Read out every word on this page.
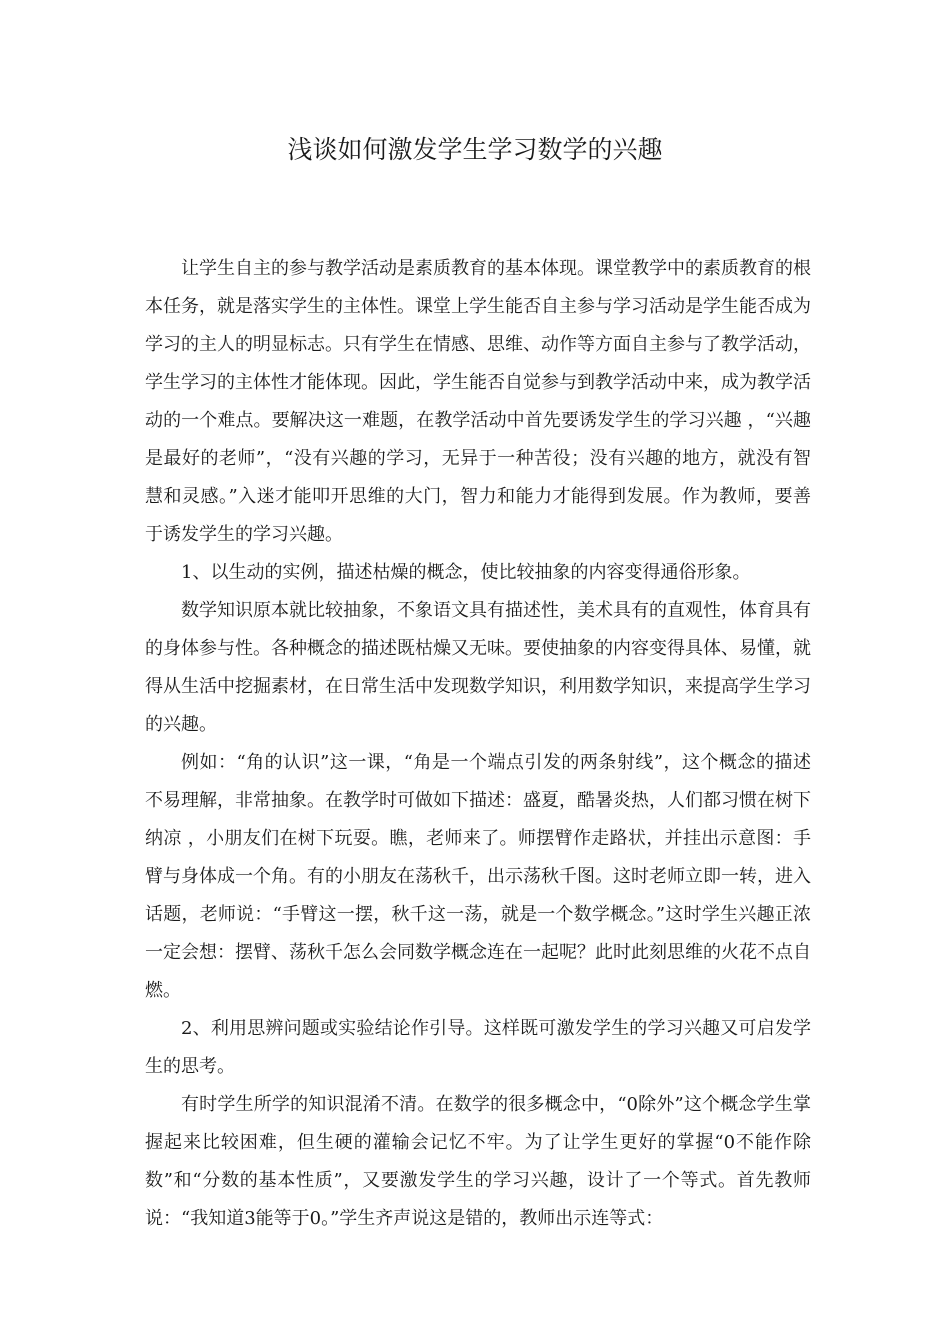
浅谈如何激发学生学习数学的兴趣

让学生自主的参与教学活动是素质教育的基本体现。课堂教学中的素质教育的根本任务，就是落实学生的主体性。课堂上学生能否自主参与学习活动是学生能否成为学习的主人的明显标志。只有学生在情感、思维、动作等方面自主参与了教学活动，学生学习的主体性才能体现。因此，学生能否自觉参与到教学活动中来，成为教学活动的一个难点。要解决这一难题，在教学活动中首先要诱发学生的学习兴趣 ，“兴趣是最好的老师”，“没有兴趣的学习，无异于一种苦役；没有兴趣的地方，就没有智慧和灵感。”入迷才能叩开思维的大门，智力和能力才能得到发展。作为教师，要善于诱发学生的学习兴趣。

1、以生动的实例，描述枯燥的概念，使比较抽象的内容变得通俗形象。

数学知识原本就比较抽象，不象语文具有描述性，美术具有的直观性，体育具有的身体参与性。各种概念的描述既枯燥又无味。要使抽象的内容变得具体、易懂，就得从生活中挖掘素材，在日常生活中发现数学知识，利用数学知识，来提高学生学习的兴趣。

例如：“角的认识”这一课，“角是一个端点引发的两条射线”，这个概念的描述不易理解，非常抽象。在教学时可做如下描述：盛夏，酷暑炎热，人们都习惯在树下纳凉 ，小朋友们在树下玩耍。瞧，老师来了。师摆臂作走路状，并挂出示意图：手臂与身体成一个角。有的小朋友在荡秋千，出示荡秋千图。这时老师立即一转，进入话题，老师说：“手臂这一摆，秋千这一荡，就是一个数学概念。”这时学生兴趣正浓一定会想：摆臂、荡秋千怎么会同数学概念连在一起呢？此时此刻思维的火花不点自燃。

2、利用思辨问题或实验结论作引导。这样既可激发学生的学习兴趣又可启发学生的思考。

有时学生所学的知识混淆不清。在数学的很多概念中，“0除外”这个概念学生掌握起来比较困难，但生硬的灌输会记忆不牢。为了让学生更好的掌握“0不能作除数”和“分数的基本性质”，又要激发学生的学习兴趣，设计了一个等式。首先教师说：“我知道3能等于0。”学生齐声说这是错的，教师出示连等式：
